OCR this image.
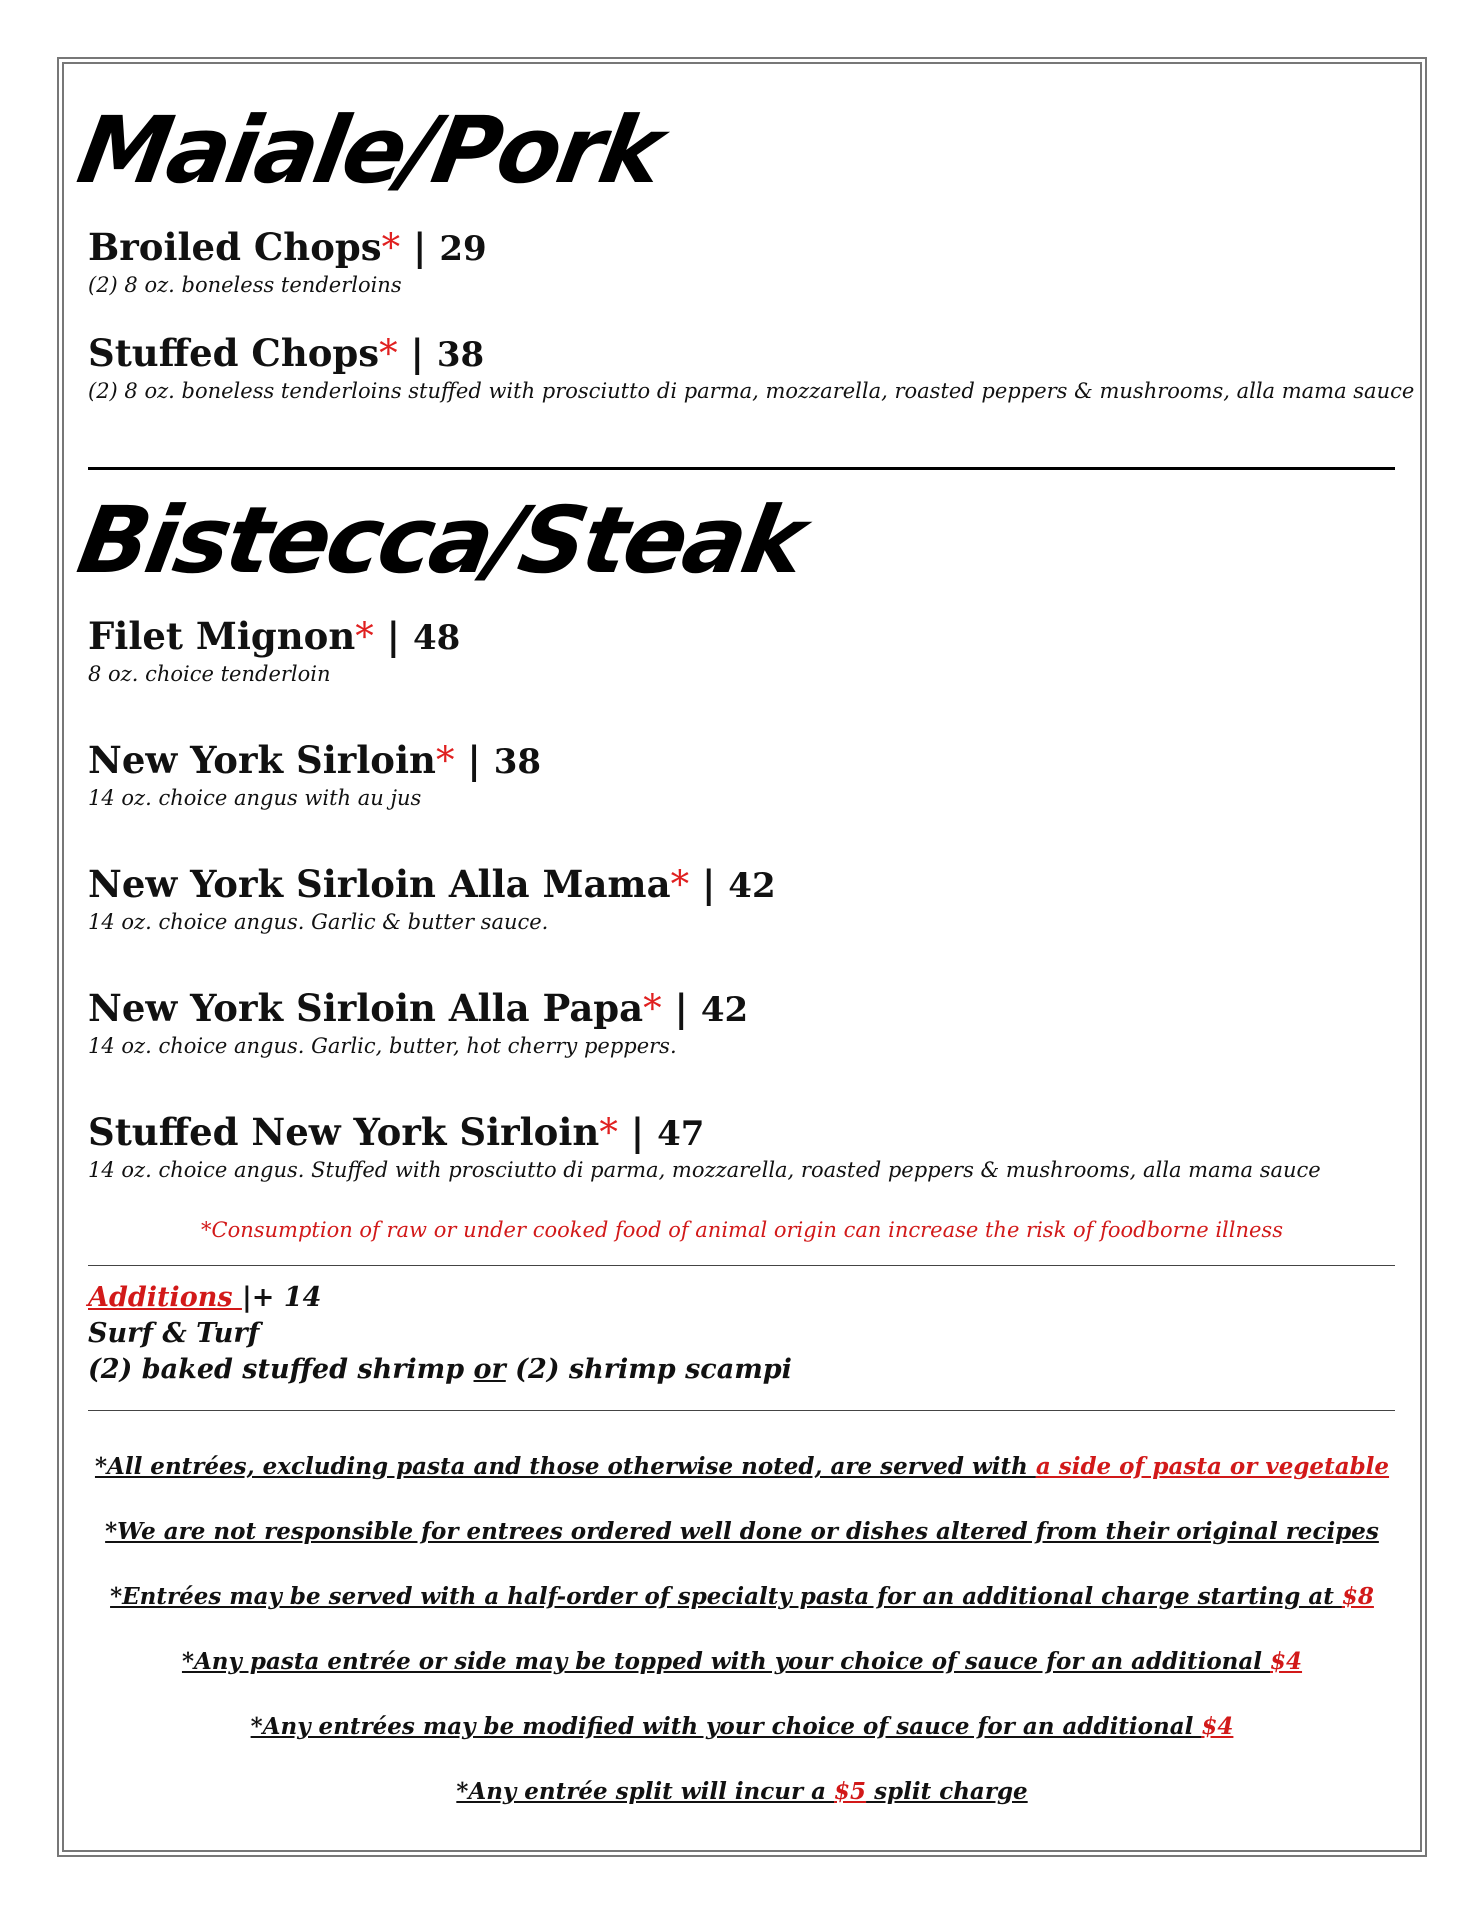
Maiale/Pork
Broiled Chops* | 29
(2) 8 oz. boneless tenderloins
Stuffed Chops* | 38
(2) 8 oz. boneless tenderloins stuffed with prosciutto di parma, mozzarella, roasted peppers & mushrooms, alla mama sauce
Bistecca/Steak
Filet Mignon* | 48
8 oz. choice tenderloin
New York Sirloin* | 38
14 oz. choice angus with au jus
New York Sirloin Alla Mama* | 42
14 oz. choice angus. Garlic & butter sauce.
New York Sirloin Alla Papa* | 42
14 oz. choice angus. Garlic, butter, hot cherry peppers.
Stuffed New York Sirloin* | 47
14 oz. choice angus. Stuffed with prosciutto di parma, mozzarella, roasted peppers & mushrooms, alla mama sauce
*Consumption of raw or under cooked food of animal origin can increase the risk of foodborne illness
Additions |+ 14
Surf & Turf
(2) baked stuffed shrimp or (2) shrimp scampi
*All entrées, excluding pasta and those otherwise noted, are served with a side of pasta or vegetable
*We are not responsible for entrees ordered well done or dishes altered from their original recipes
*Entrées may be served with a half-order of specialty pasta for an additional charge starting at $8
*Any pasta entrée or side may be topped with your choice of sauce for an additional $4
*Any entrées may be modified with your choice of sauce for an additional $4
*Any entrée split will incur a $5 split charge
